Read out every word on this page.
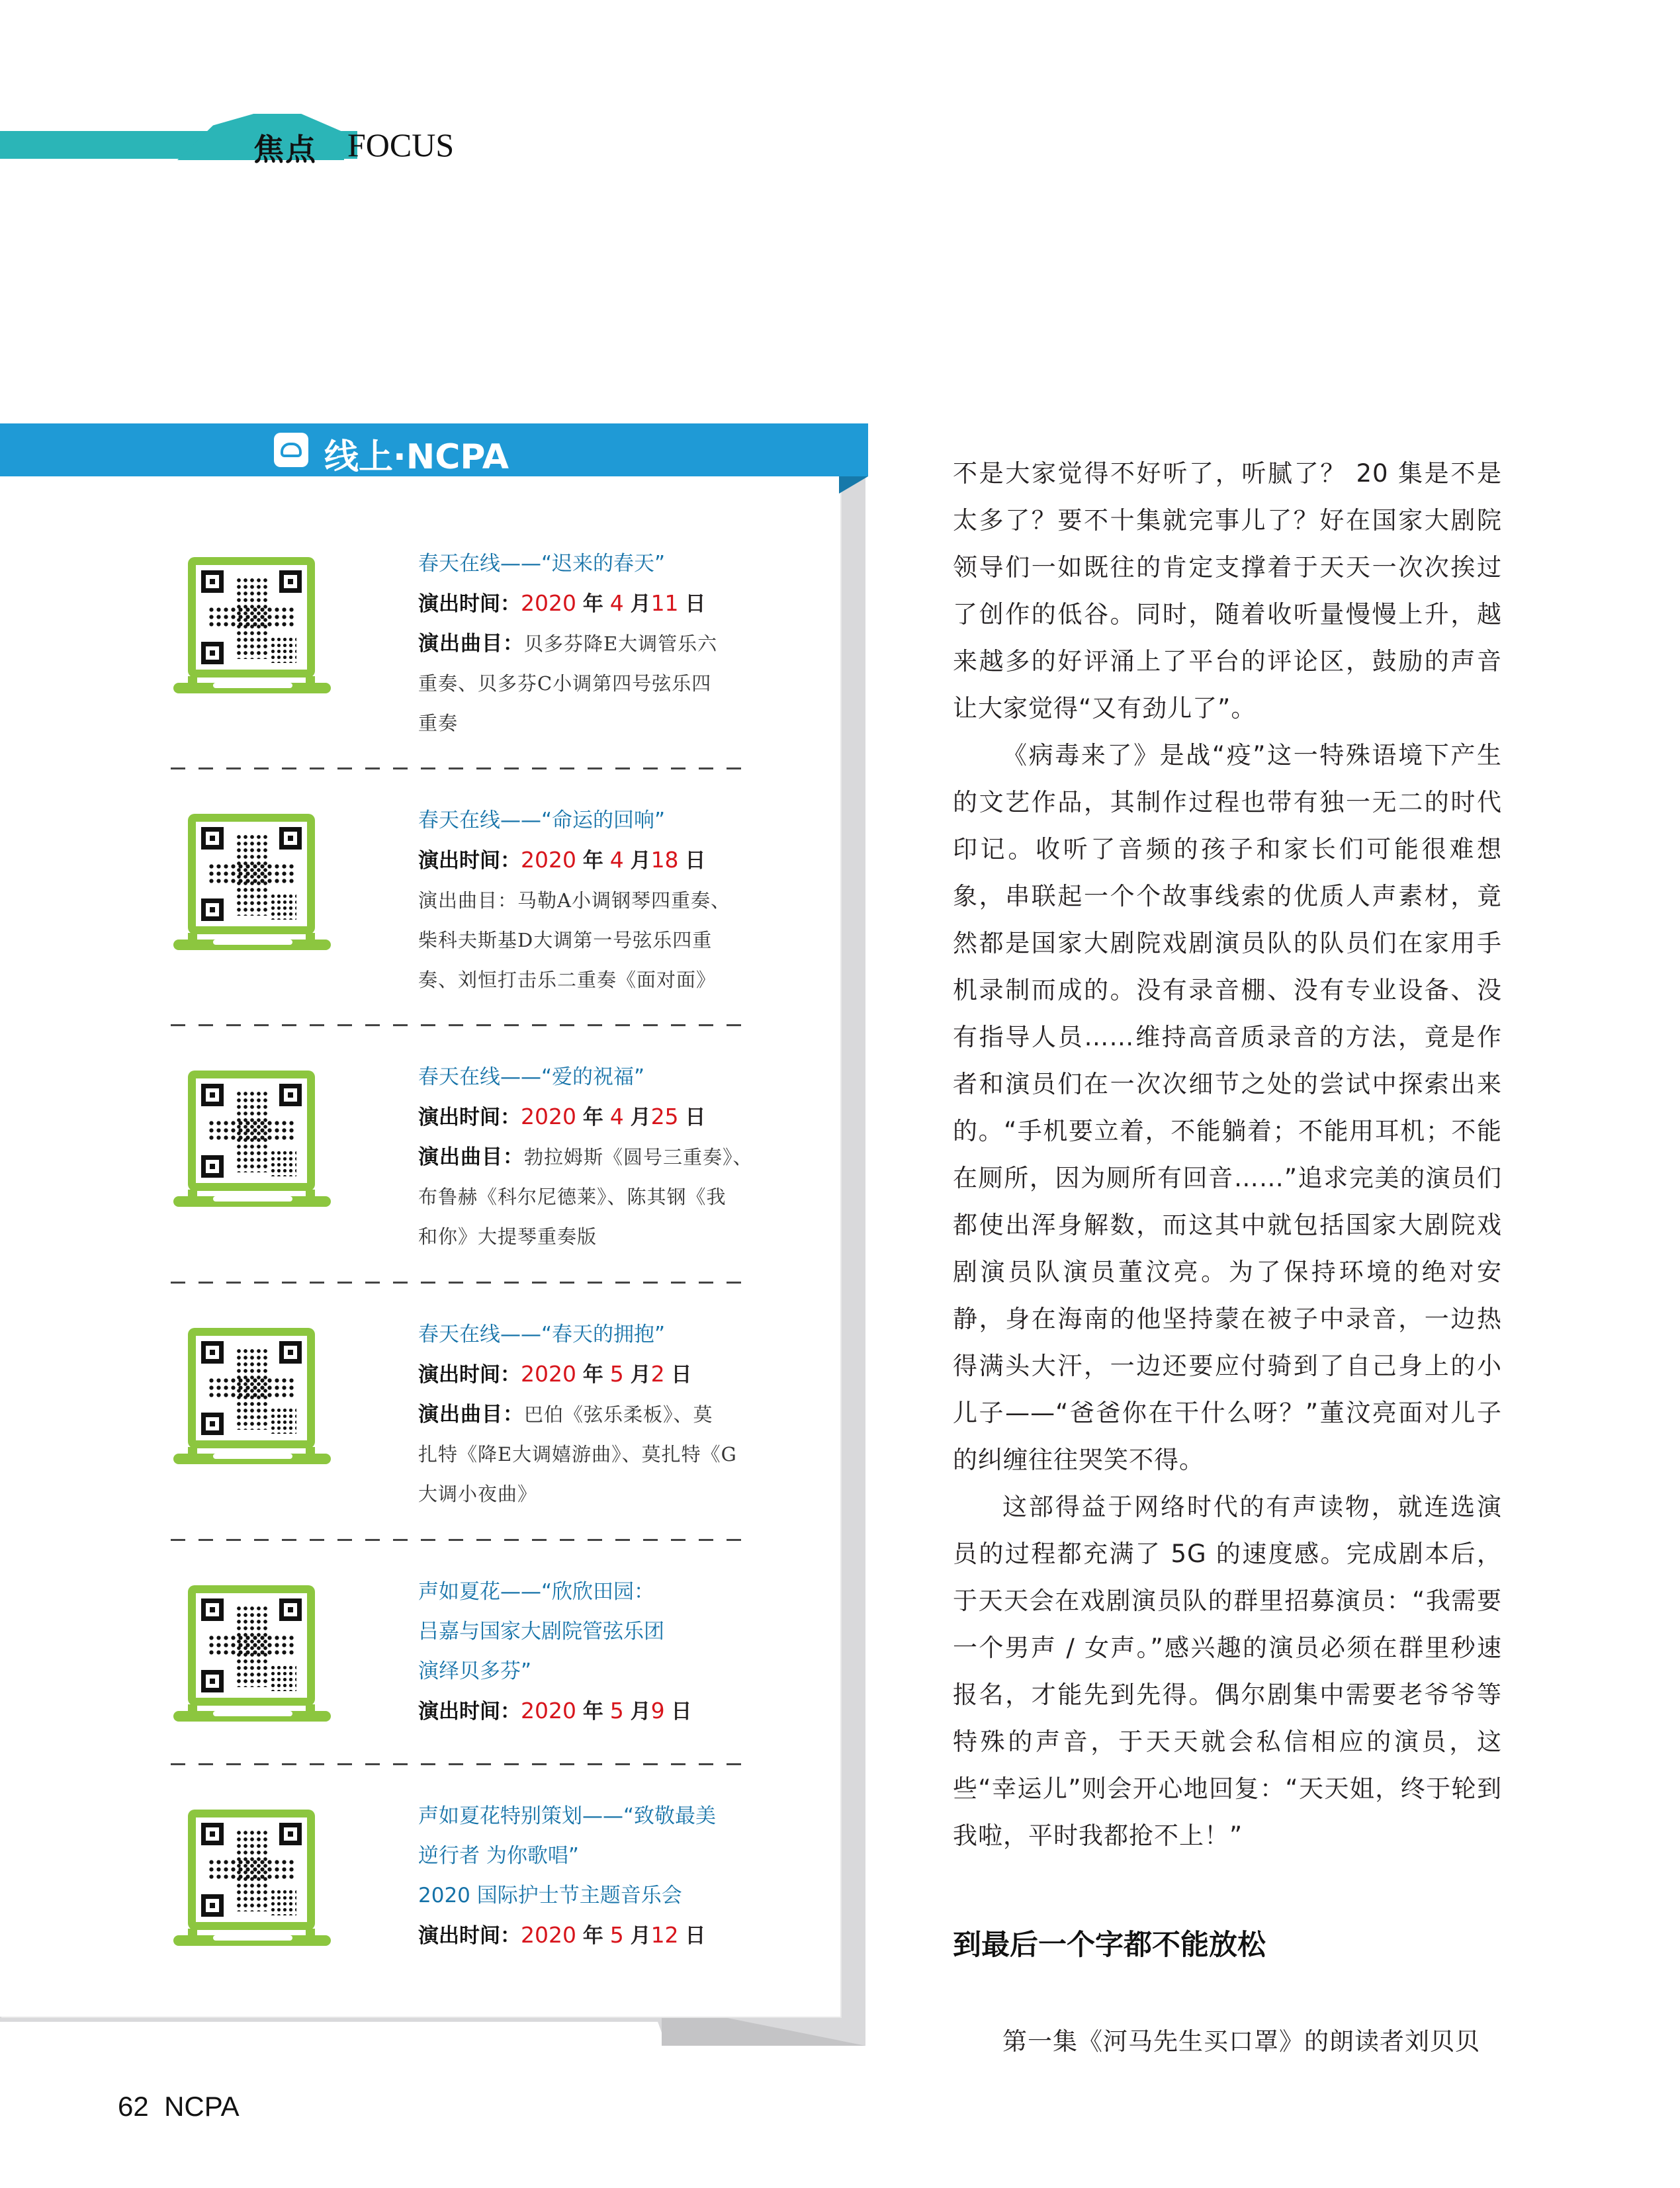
焦点 FOCUS
线上·NCPA
春天在线——“迟来的春天”
演出时间：2020 年 4 月11 日
演出曲目：贝多芬降E大调管乐六
重奏、贝多芬C小调第四号弦乐四
重奏
春天在线——“命运的回响”
演出时间：2020 年 4 月18 日
演出曲目：马勒A小调钢琴四重奏、
柴科夫斯基D大调第一号弦乐四重
奏、刘恒打击乐二重奏《面对面》
春天在线——“爱的祝福”
演出时间：2020 年 4 月25 日
演出曲目：勃拉姆斯《圆号三重奏》、
布鲁赫《科尔尼德莱》、陈其钢《我
和你》大提琴重奏版
春天在线——“春天的拥抱”
演出时间：2020 年 5 月2 日
演出曲目：巴伯《弦乐柔板》、莫
扎特《降E大调嬉游曲》、莫扎特《G
大调小夜曲》
声如夏花——“欣欣田园：
吕嘉与国家大剧院管弦乐团
演绎贝多芬”
演出时间：2020 年 5 月9 日
声如夏花特别策划——“致敬最美
逆行者 为你歌唱”
2020 国际护士节主题音乐会
演出时间：2020 年 5 月12 日

不是大家觉得不好听了，听腻了？ 20 集是不是太多了？要不十集就完事儿了？好在国家大剧院领导们一如既往的肯定支撑着于天天一次次挨过了创作的低谷。同时，随着收听量慢慢上升，越来越多的好评涌上了平台的评论区，鼓励的声音让大家觉得“又有劲儿了”。

《病毒来了》是战“疫”这一特殊语境下产生的文艺作品，其制作过程也带有独一无二的时代印记。收听了音频的孩子和家长们可能很难想象，串联起一个个故事线索的优质人声素材，竟然都是国家大剧院戏剧演员队的队员们在家用手机录制而成的。没有录音棚、没有专业设备、没有指导人员……维持高音质录音的方法，竟是作者和演员们在一次次细节之处的尝试中探索出来的。“手机要立着，不能躺着；不能用耳机；不能在厕所，因为厕所有回音……”追求完美的演员们都使出浑身解数，而这其中就包括国家大剧院戏剧演员队演员董汶亮。为了保持环境的绝对安静，身在海南的他坚持蒙在被子中录音，一边热得满头大汗，一边还要应付骑到了自己身上的小儿子——“爸爸你在干什么呀？”董汶亮面对儿子的纠缠往往哭笑不得。

这部得益于网络时代的有声读物，就连选演员的过程都充满了 5G 的速度感。完成剧本后，于天天会在戏剧演员队的群里招募演员：“我需要一个男声 / 女声。”感兴趣的演员必须在群里秒速报名，才能先到先得。偶尔剧集中需要老爷爷等特殊的声音，于天天就会私信相应的演员，这些“幸运儿”则会开心地回复：“天天姐，终于轮到我啦，平时我都抢不上！”

到最后一个字都不能放松
第一集《河马先生买口罩》的朗读者刘贝贝
62 NCPA
